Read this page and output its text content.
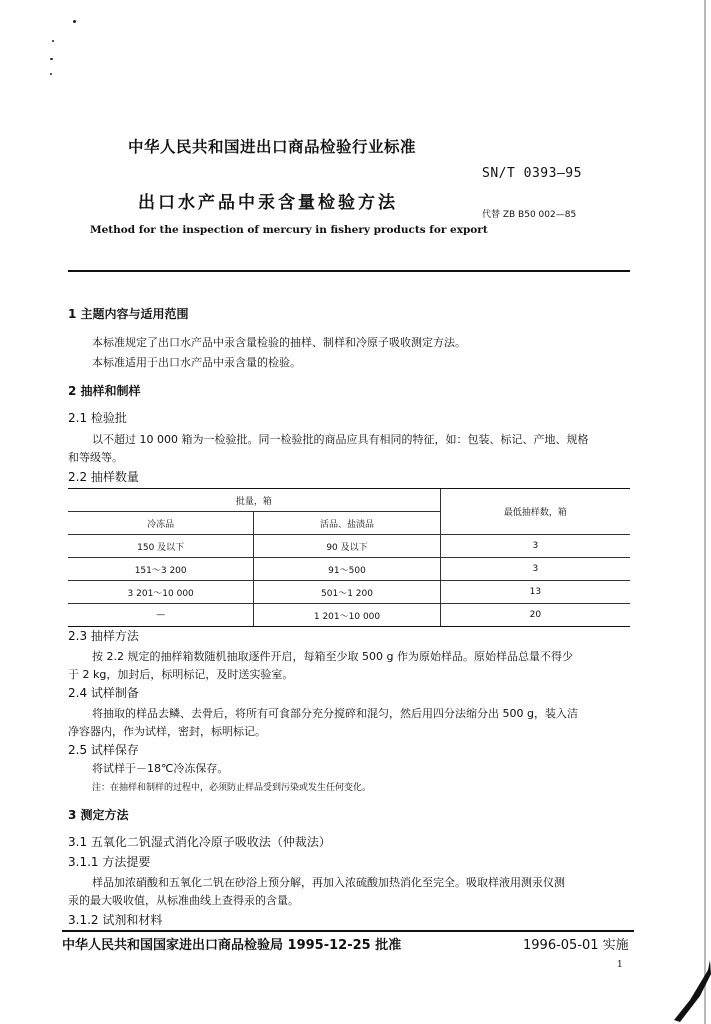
中华人民共和国进出口商品检验行业标准
SN/T 0393—95
出口水产品中汞含量检验方法
代替 ZB B50 002—85
Method for the inspection of mercury in fishery products for export
1 主题内容与适用范围
本标准规定了出口水产品中汞含量检验的抽样、制样和冷原子吸收测定方法。
本标准适用于出口水产品中汞含量的检验。
2 抽样和制样
2.1 检验批
以不超过 10 000 箱为一检验批。同一检验批的商品应具有相同的特征，如：包装、标记、产地、规格
和等级等。
2.2 抽样数量
批量，箱		最低抽样数，箱
冷冻品	活品、盐渍品	
150 及以下	90 及以下	3
151～3 200	91～500	3
3 201～10 000	501～1 200	13
—	1 201～10 000	20
2.3 抽样方法
按 2.2 规定的抽样箱数随机抽取逐件开启，每箱至少取 500 g 作为原始样品。原始样品总量不得少
于 2 kg，加封后，标明标记，及时送实验室。
2.4 试样制备
将抽取的样品去鳞、去骨后，将所有可食部分充分搅碎和混匀，然后用四分法缩分出 500 g，装入洁
净容器内，作为试样，密封，标明标记。
2.5 试样保存
将试样于－18℃冷冻保存。
注：在抽样和制样的过程中，必须防止样品受到污染或发生任何变化。
3 测定方法
3.1 五氧化二钒湿式消化冷原子吸收法（仲裁法）
3.1.1 方法提要
样品加浓硝酸和五氧化二钒在砂浴上预分解，再加入浓硫酸加热消化至完全。吸取样液用测汞仪测
汞的最大吸收值，从标准曲线上查得汞的含量。
3.1.2 试剂和材料
中华人民共和国国家进出口商品检验局 1995-12-25 批准	1996-05-01 实施
1
